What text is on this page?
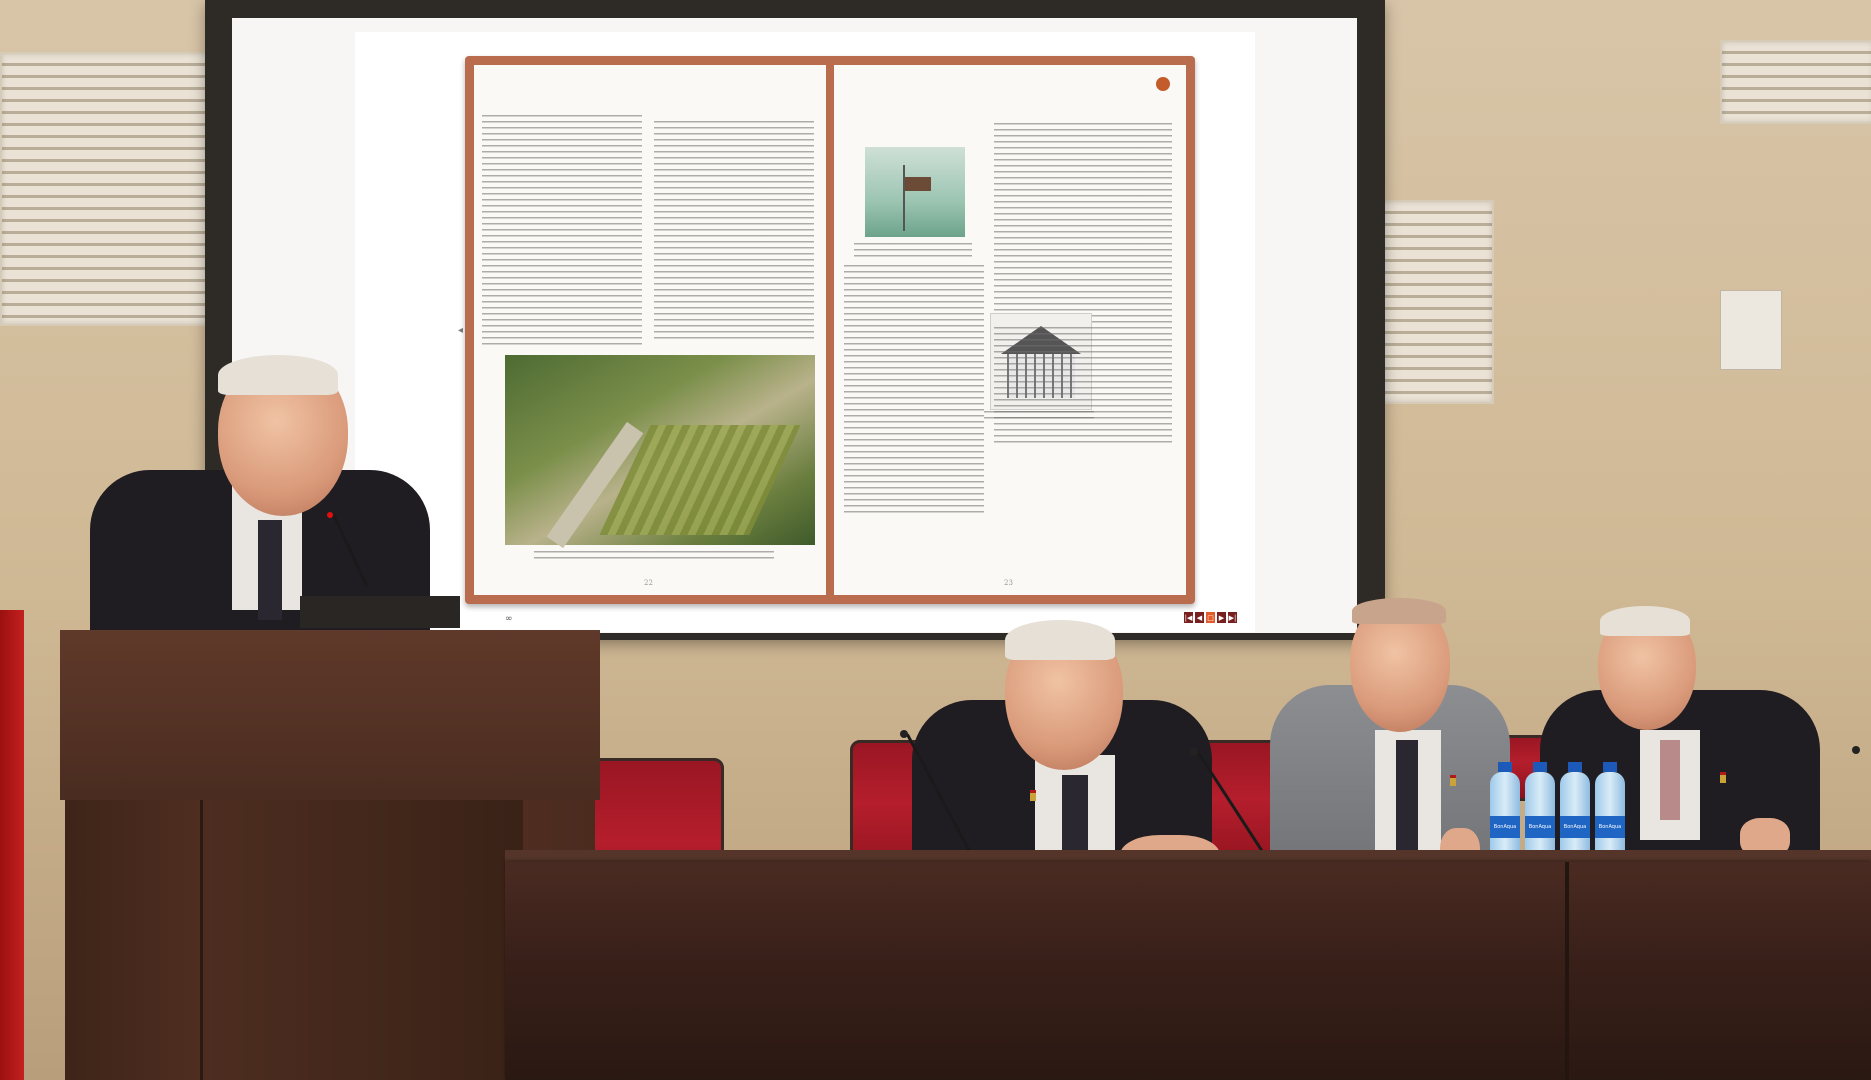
22	23
◂
∞	|◀ ◀ □ ▶ ▶|
BonAqua	BonAqua	BonAqua	BonAqua
